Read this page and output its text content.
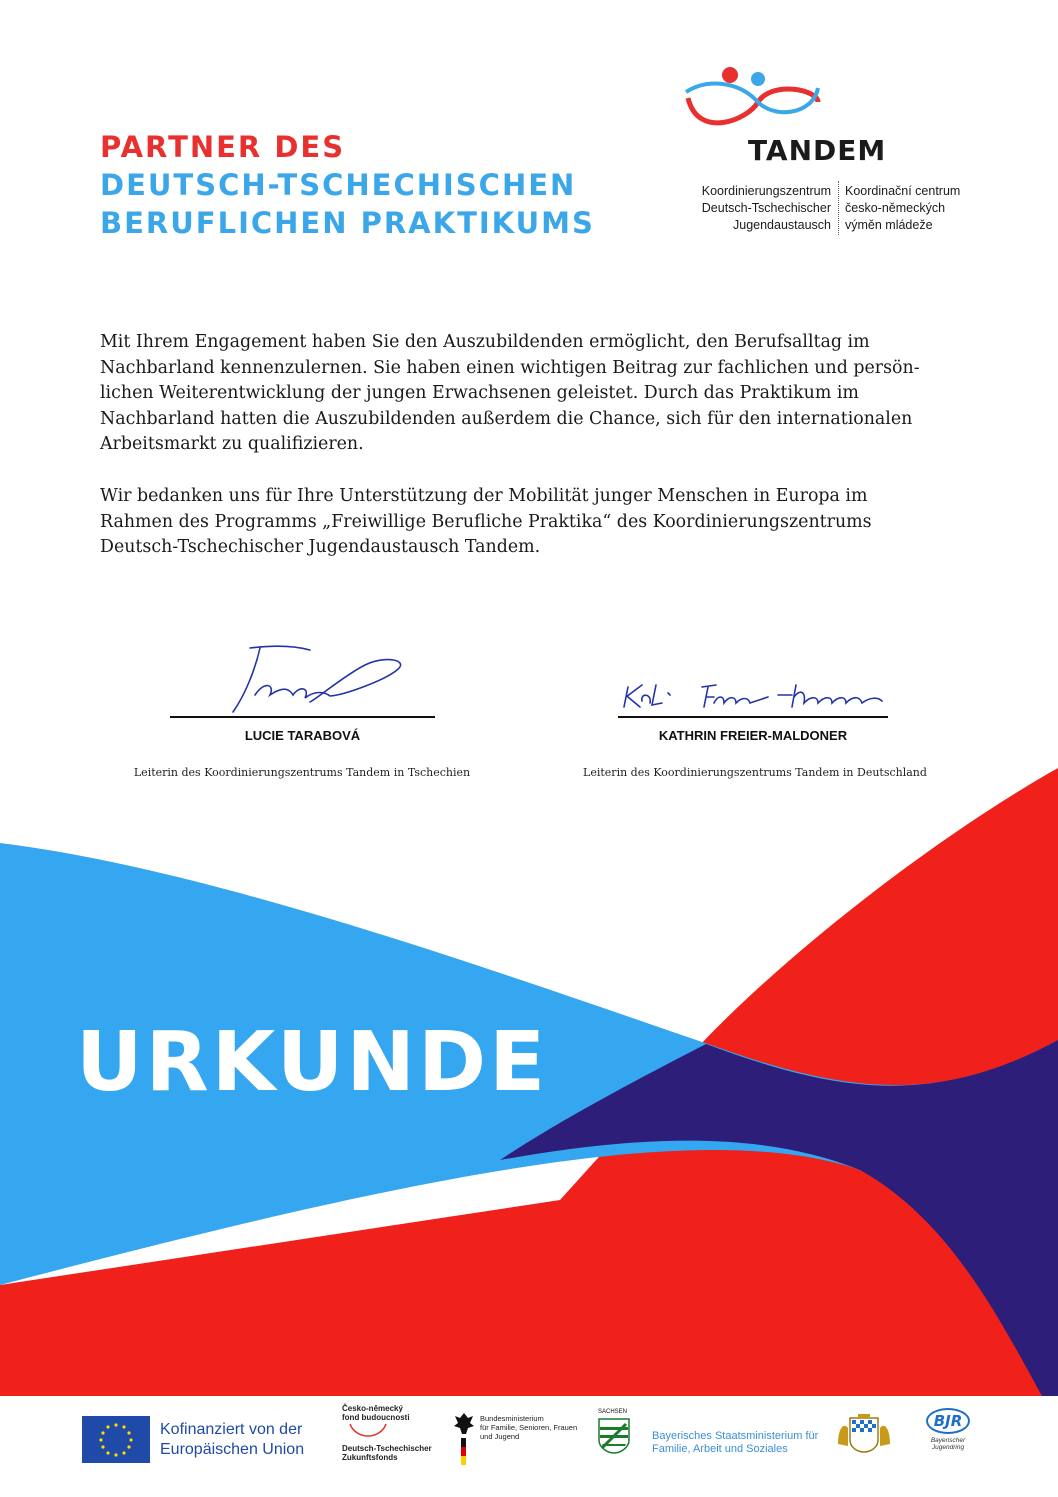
PARTNER DES
DEUTSCH-TSCHECHISCHEN
BERUFLICHEN PRAKTIKUMS
TANDEM
Koordinierungszentrum
Deutsch-Tschechischer
Jugendaustausch
Koordinační centrum
česko-německých
výměn mládeže
Mit Ihrem Engagement haben Sie den Auszubildenden ermöglicht, den Berufsalltag im
Nachbarland kennenzulernen. Sie haben einen wichtigen Beitrag zur fachlichen und persön-
lichen Weiterentwicklung der jungen Erwachsenen geleistet. Durch das Praktikum im
Nachbarland hatten die Auszubildenden außerdem die Chance, sich für den internationalen
Arbeitsmarkt zu qualifizieren.
Wir bedanken uns für Ihre Unterstützung der Mobilität junger Menschen in Europa im
Rahmen des Programms „Freiwillige Berufliche Praktika“ des Koordinierungszentrums
Deutsch-Tschechischer Jugendaustausch Tandem.
LUCIE TARABOVÁ
Leiterin des Koordinierungszentrums Tandem in Tschechien
KATHRIN FREIER-MALDONER
Leiterin des Koordinierungszentrums Tandem in Deutschland
URKUNDE
Kofinanziert von der
Europäischen Union
Česko-německý
fond budoucnosti
Deutsch-Tschechischer
Zukunftsfonds
Bundesministerium
für Familie, Senioren, Frauen
und Jugend
SACHSEN
Bayerisches Staatsministerium für
Familie, Arbeit und Soziales
BJR
Bayerischer
Jugendring
